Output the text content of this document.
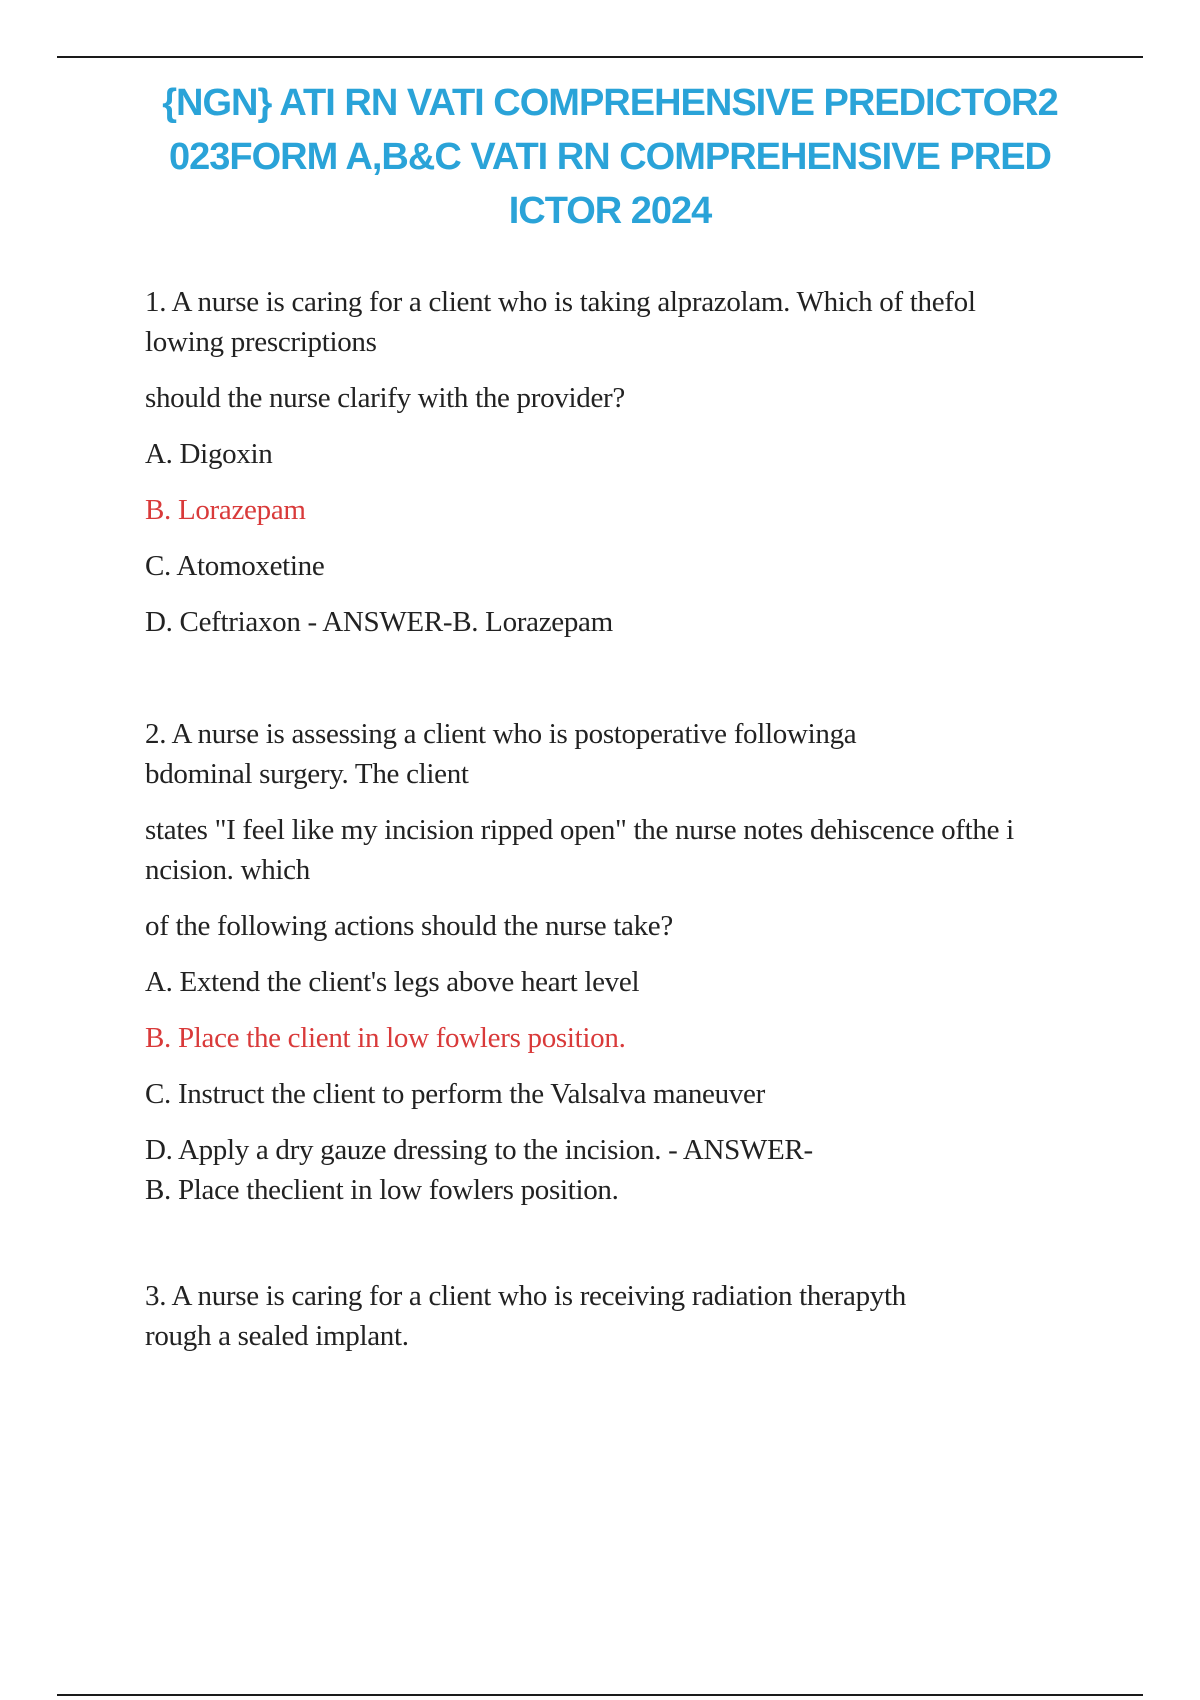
{NGN} ATI RN VATI COMPREHENSIVE PREDICTOR2
023FORM A,B&C VATI RN COMPREHENSIVE PRED
ICTOR 2024
1. A nurse is caring for a client who is taking alprazolam. Which of thefol
lowing prescriptions
should the nurse clarify with the provider?
A. Digoxin
B. Lorazepam
C. Atomoxetine
D. Ceftriaxon - ANSWER-B. Lorazepam
2. A nurse is assessing a client who is postoperative followinga
bdominal surgery. The client
states "I feel like my incision ripped open" the nurse notes dehiscence ofthe i
ncision. which
of the following actions should the nurse take?
A. Extend the client's legs above heart level
B. Place the client in low fowlers position.
C. Instruct the client to perform the Valsalva maneuver
D. Apply a dry gauze dressing to the incision. - ANSWER-
B. Place theclient in low fowlers position.
3. A nurse is caring for a client who is receiving radiation therapyth
rough a sealed implant.
